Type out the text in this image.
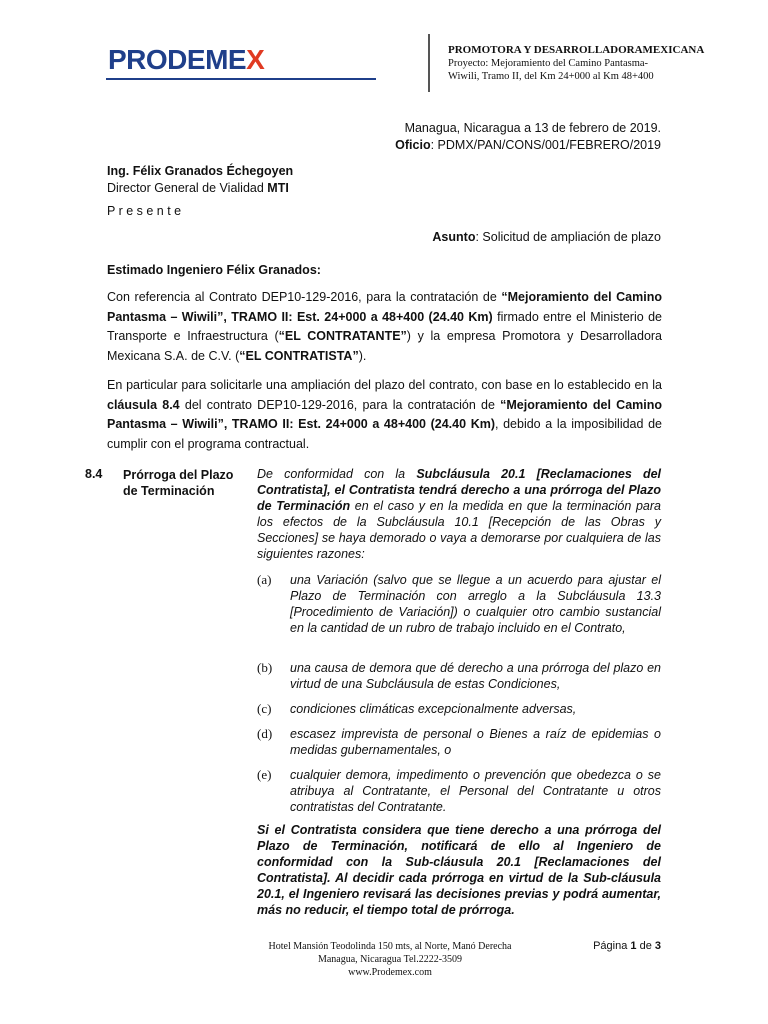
PRODEMEX	PROMOTORA Y DESARROLLADORAMEXICANA
Proyecto: Mejoramiento del Camino Pantasma-
Wiwili, Tramo II, del Km 24+000 al Km 48+400
Managua, Nicaragua a 13 de febrero de 2019.
Oficio: PDMX/PAN/CONS/001/FEBRERO/2019
Ing. Félix Granados Échegoyen
Director General de Vialidad MTI
P r e s e n t e
Asunto: Solicitud de ampliación de plazo
Estimado Ingeniero Félix Granados:
Con referencia al Contrato DEP10-129-2016, para la contratación de “Mejoramiento del Camino Pantasma – Wiwili”, TRAMO II: Est. 24+000 a 48+400 (24.40 Km) firmado entre el Ministerio de Transporte e Infraestructura (“EL CONTRATANTE”) y la empresa Promotora y Desarrolladora Mexicana S.A. de C.V. (“EL CONTRATISTA”).
En particular para solicitarle una ampliación del plazo del contrato, con base en lo establecido en la cláusula 8.4 del contrato DEP10-129-2016, para la contratación de “Mejoramiento del Camino Pantasma – Wiwili”, TRAMO II: Est. 24+000 a 48+400 (24.40 Km), debido a la imposibilidad de cumplir con el programa contractual.
8.4 Prórroga del Plazo de Terminación
De conformidad con la Subcláusula 20.1 [Reclamaciones del Contratista], el Contratista tendrá derecho a una prórroga del Plazo de Terminación en el caso y en la medida en que la terminación para los efectos de la Subcláusula 10.1 [Recepción de las Obras y Secciones] se haya demorado o vaya a demorarse por cualquiera de las siguientes razones:
(a) una Variación (salvo que se llegue a un acuerdo para ajustar el Plazo de Terminación con arreglo a la Subcláusula 13.3 [Procedimiento de Variación]) o cualquier otro cambio sustancial en la cantidad de un rubro de trabajo incluido en el Contrato,
(b) una causa de demora que dé derecho a una prórroga del plazo en virtud de una Subcláusula de estas Condiciones,
(c) condiciones climáticas excepcionalmente adversas,
(d) escasez imprevista de personal o Bienes a raíz de epidemias o medidas gubernamentales, o
(e) cualquier demora, impedimento o prevención que obedezca o se atribuya al Contratante, el Personal del Contratante u otros contratistas del Contratante.
Si el Contratista considera que tiene derecho a una prórroga del Plazo de Terminación, notificará de ello al Ingeniero de conformidad con la Sub-cláusula 20.1 [Reclamaciones del Contratista]. Al decidir cada prórroga en virtud de la Sub-cláusula 20.1, el Ingeniero revisará las decisiones previas y podrá aumentar, más no reducir, el tiempo total de prórroga.
Hotel Mansión Teodolinda 150 mts, al Norte, Manó Derecha
Managua, Nicaragua Tel.2222-3509
www.Prodemex.com
Página 1 de 3
